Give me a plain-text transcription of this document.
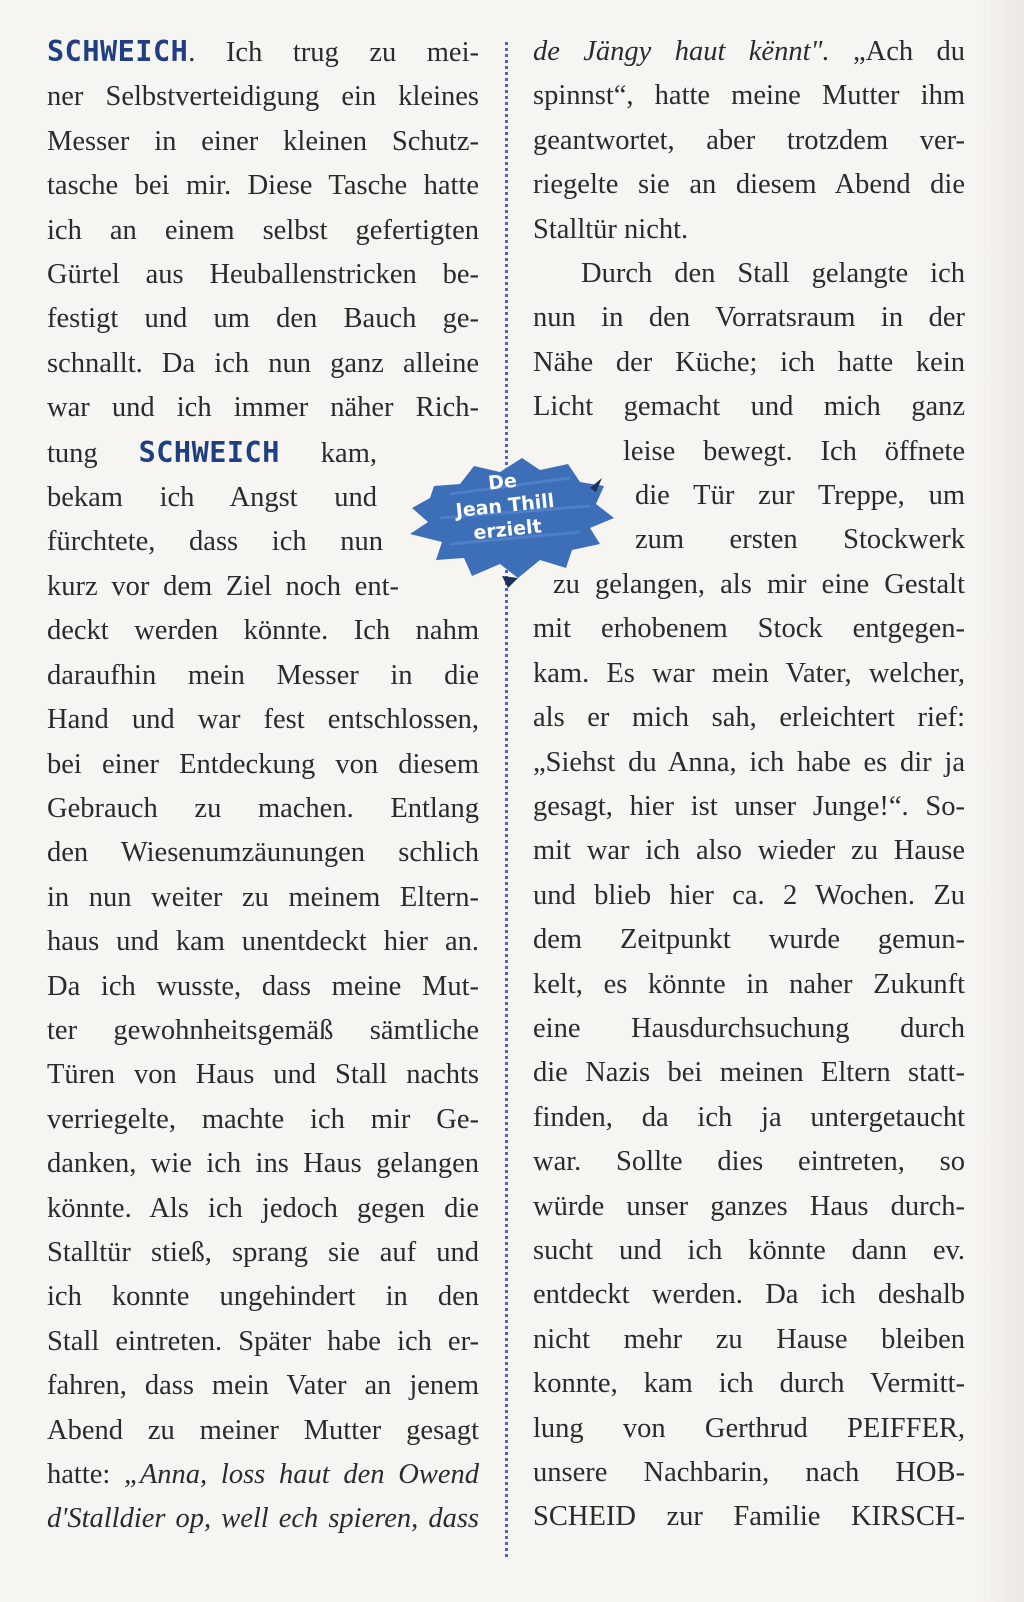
SCHWEICH. Ich trug zu mei-
ner Selbstverteidigung ein kleines
Messer in einer kleinen Schutz-
tasche bei mir. Diese Tasche hatte
ich an einem selbst gefertigten
Gürtel aus Heuballenstricken be-
festigt und um den Bauch ge-
schnallt. Da ich nun ganz alleine
war und ich immer näher Rich-
tung SCHWEICH kam,
bekam ich Angst und
fürchtete, dass ich nun
kurz vor dem Ziel noch ent-
deckt werden könnte. Ich nahm
daraufhin mein Messer in die
Hand und war fest entschlossen,
bei einer Entdeckung von diesem
Gebrauch zu machen. Entlang
den Wiesenumzäunungen schlich
in nun weiter zu meinem Eltern-
haus und kam unentdeckt hier an.
Da ich wusste, dass meine Mut-
ter gewohnheitsgemäß sämtliche
Türen von Haus und Stall nachts
verriegelte, machte ich mir Ge-
danken, wie ich ins Haus gelangen
könnte. Als ich jedoch gegen die
Stalltür stieß, sprang sie auf und
ich konnte ungehindert in den
Stall eintreten. Später habe ich er-
fahren, dass mein Vater an jenem
Abend zu meiner Mutter gesagt
hatte: „Anna, loss haut den Owend
d'Stalldier op, well ech spieren, dass
de Jängy haut kënnt". „Ach du
spinnst“, hatte meine Mutter ihm
geantwortet, aber trotzdem ver-
riegelte sie an diesem Abend die
Stalltür nicht.
Durch den Stall gelangte ich
nun in den Vorratsraum in der
Nähe der Küche; ich hatte kein
Licht gemacht und mich ganz
leise bewegt. Ich öffnete
die Tür zur Treppe, um
zum ersten Stockwerk
zu gelangen, als mir eine Gestalt
mit erhobenem Stock entgegen-
kam. Es war mein Vater, welcher,
als er mich sah, erleichtert rief:
„Siehst du Anna, ich habe es dir ja
gesagt, hier ist unser Junge!“. So-
mit war ich also wieder zu Hause
und blieb hier ca. 2 Wochen. Zu
dem Zeitpunkt wurde gemun-
kelt, es könnte in naher Zukunft
eine Hausdurchsuchung durch
die Nazis bei meinen Eltern statt-
finden, da ich ja untergetaucht
war. Sollte dies eintreten, so
würde unser ganzes Haus durch-
sucht und ich könnte dann ev.
entdeckt werden. Da ich deshalb
nicht mehr zu Hause bleiben
konnte, kam ich durch Vermitt-
lung von Gerthrud PEIFFER,
unsere Nachbarin, nach HOB-
SCHEID zur Familie KIRSCH-
De
Jean Thill
erzielt
